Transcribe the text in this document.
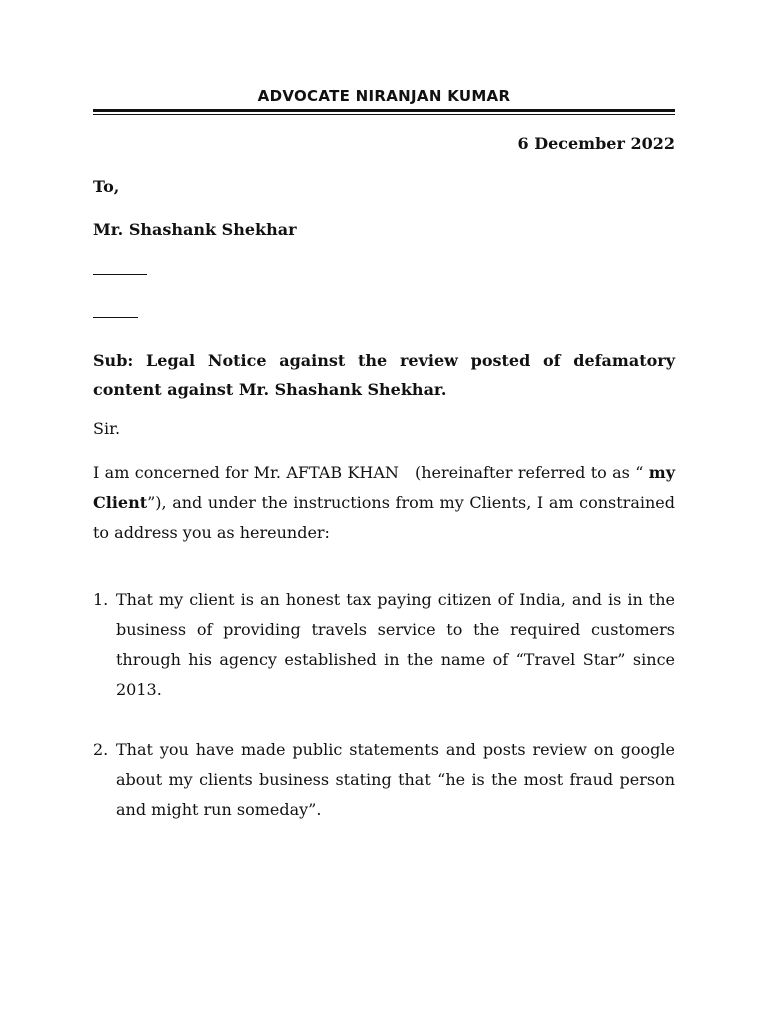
ADVOCATE NIRANJAN KUMAR
6 December 2022
To,
Mr. Shashank Shekhar
Sub: Legal Notice against the review posted of defamatory content against Mr. Shashank Shekhar.
Sir.
I am concerned for Mr. AFTAB KHAN   (hereinafter referred to as “ my Client”), and under the instructions from my Clients, I am constrained to address you as hereunder:
1. That my client is an honest tax paying citizen of India, and is in the business of providing travels service to the required customers through his agency established in the name of “Travel Star” since 2013.
2. That you have made public statements and posts review on google about my clients business stating that “he is the most fraud person and might run someday”.
